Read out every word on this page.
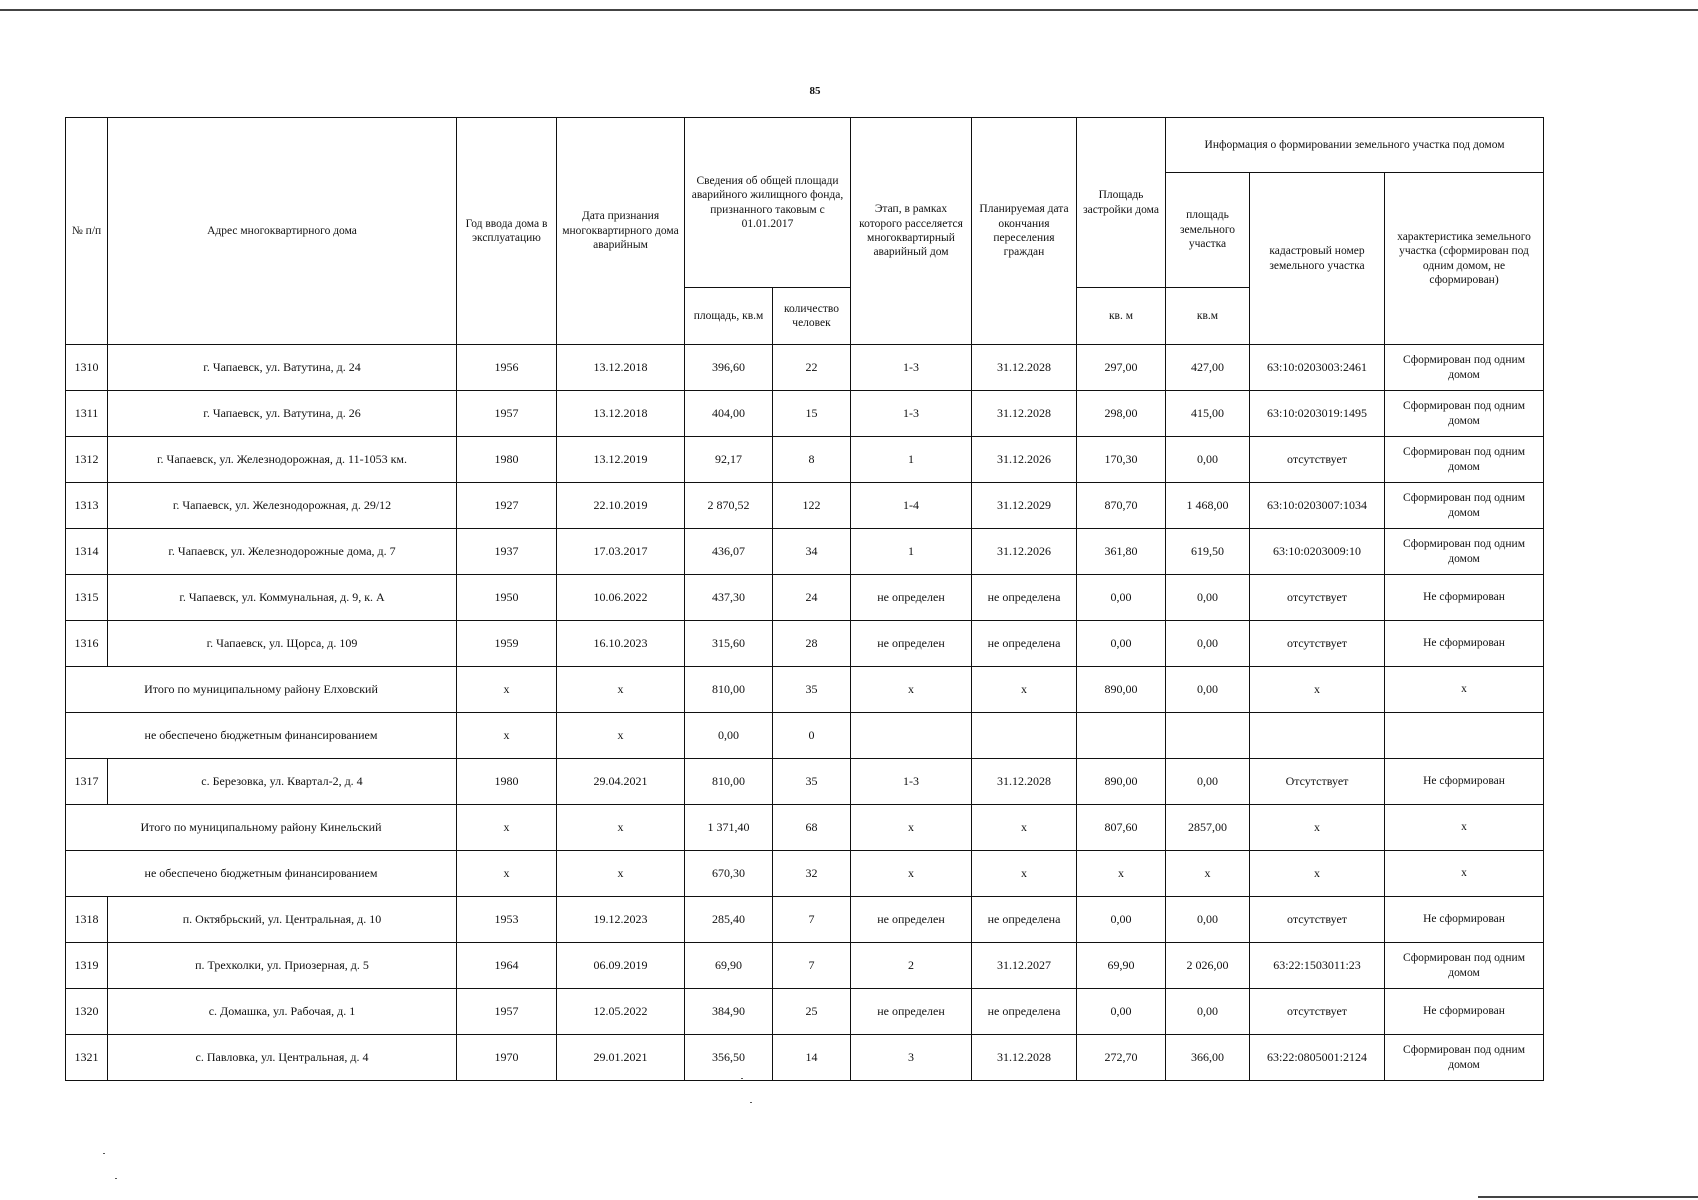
85
№ п/п	Адрес многоквартирного дома	Год ввода дома в эксплуатацию	Дата признания многоквартирного дома аварийным	Сведения об общей площади аварийного жилищного фонда, признанного таковым с 01.01.2017		Этап, в рамках которого расселяется многоквартирный аварийный дом	Планируемая дата окончания переселения граждан	Площадь застройки дома	Информация о формировании земельного участка под домом		
									площадь земельного участка	кадастровый номер земельного участка	характеристика земельного участка (сформирован под одним домом, не сформирован)
				площадь, кв.м	количество человек			кв. м	кв.м		
1310	г. Чапаевск, ул. Ватутина, д. 24	1956	13.12.2018	396,60	22	1-3	31.12.2028	297,00	427,00	63:10:0203003:2461	Сформирован под одним домом
1311	г. Чапаевск, ул. Ватутина, д. 26	1957	13.12.2018	404,00	15	1-3	31.12.2028	298,00	415,00	63:10:0203019:1495	Сформирован под одним домом
1312	г. Чапаевск, ул. Железнодорожная, д. 11-1053 км.	1980	13.12.2019	92,17	8	1	31.12.2026	170,30	0,00	отсутствует	Сформирован под одним домом
1313	г. Чапаевск, ул. Железнодорожная, д. 29/12	1927	22.10.2019	2 870,52	122	1-4	31.12.2029	870,70	1 468,00	63:10:0203007:1034	Сформирован под одним домом
1314	г. Чапаевск, ул. Железнодорожные дома, д. 7	1937	17.03.2017	436,07	34	1	31.12.2026	361,80	619,50	63:10:0203009:10	Сформирован под одним домом
1315	г. Чапаевск, ул. Коммунальная, д. 9, к. А	1950	10.06.2022	437,30	24	не определен	не определена	0,00	0,00	отсутствует	Не сформирован
1316	г. Чапаевск, ул. Щорса, д. 109	1959	16.10.2023	315,60	28	не определен	не определена	0,00	0,00	отсутствует	Не сформирован
Итого по муниципальному району Елховский		x	x	810,00	35	x	x	890,00	0,00	x	x
не обеспечено бюджетным финансированием		x	x	0,00	0						
1317	с. Березовка, ул. Квартал-2, д. 4	1980	29.04.2021	810,00	35	1-3	31.12.2028	890,00	0,00	Отсутствует	Не сформирован
Итого по муниципальному району Кинельский		x	x	1 371,40	68	x	x	807,60	2857,00	x	x
не обеспечено бюджетным финансированием		x	x	670,30	32	x	x	x	x	x	x
1318	п. Октябрьский, ул. Центральная, д. 10	1953	19.12.2023	285,40	7	не определен	не определена	0,00	0,00	отсутствует	Не сформирован
1319	п. Трехколки, ул. Приозерная, д. 5	1964	06.09.2019	69,90	7	2	31.12.2027	69,90	2 026,00	63:22:1503011:23	Сформирован под одним домом
1320	с. Домашка, ул. Рабочая, д. 1	1957	12.05.2022	384,90	25	не определен	не определена	0,00	0,00	отсутствует	Не сформирован
1321	с. Павловка, ул. Центральная, д. 4	1970	29.01.2021	356,50	14	3	31.12.2028	272,70	366,00	63:22:0805001:2124	Сформирован под одним домом
